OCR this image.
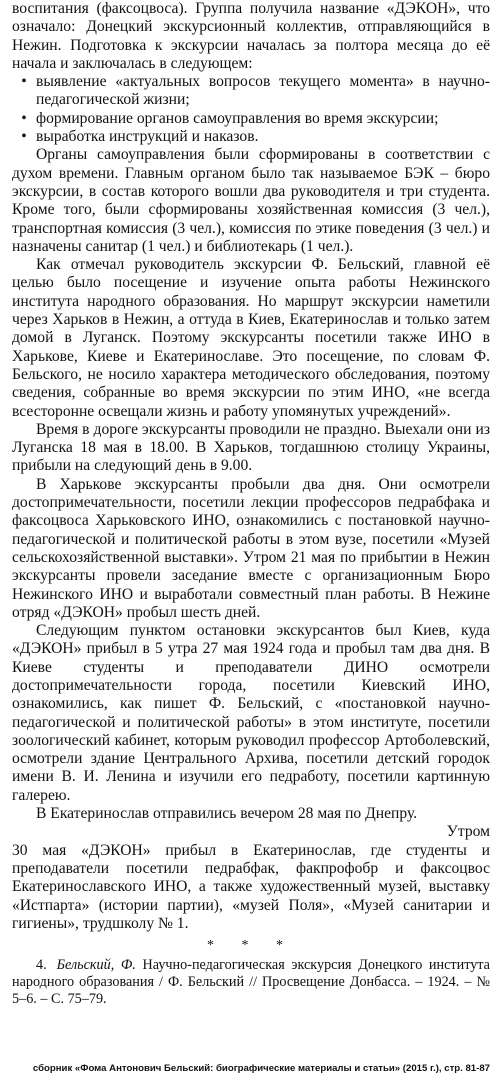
воспитания (факсоцвоса). Группа получила название «ДЭКОН», что означало: Донецкий экскурсионный коллектив, отправляющийся в Нежин. Подготовка к экскурсии началась за полтора месяца до её начала и заключалась в следующем:

• выявление «актуальных вопросов текущего момента» в научно-педагогической жизни;
• формирование органов самоуправления во время экскурсии;
• выработка инструкций и наказов.

Органы самоуправления были сформированы в соответствии с духом времени. Главным органом было так называемое БЭК – бюро экскурсии, в состав которого вошли два руководителя и три студента. Кроме того, были сформированы хозяйственная комиссия (3 чел.), транспортная комиссия (3 чел.), комиссия по этике поведения (3 чел.) и назначены санитар (1 чел.) и библиотекарь (1 чел.).

Как отмечал руководитель экскурсии Ф. Бельский, главной её целью было посещение и изучение опыта работы Нежинского института народного образования. Но маршрут экскурсии наметили через Харьков в Нежин, а оттуда в Киев, Екатеринослав и только затем домой в Луганск. Поэтому экскурсанты посетили также ИНО в Харькове, Киеве и Екатеринославе. Это посещение, по словам Ф. Бельского, не носило характера методического обследования, поэтому сведения, собранные во время экскурсии по этим ИНО, «не всегда всесторонне освещали жизнь и работу упомянутых учреждений».

Время в дороге экскурсанты проводили не праздно. Выехали они из Луганска 18 мая в 18.00. В Харьков, тогдашнюю столицу Украины, прибыли на следующий день в 9.00.

В Харькове экскурсанты пробыли два дня. Они осмотрели достопримечательности, посетили лекции профессоров педрабфака и факсоцвоса Харьковского ИНО, ознакомились с постановкой научно-педагогической и политической работы в этом вузе, посетили «Музей сельскохозяйственной выставки». Утром 21 мая по прибытии в Нежин экскурсанты провели заседание вместе с организационным Бюро Нежинского ИНО и выработали совместный план работы. В Нежине отряд «ДЭКОН» пробыл шесть дней.

Следующим пунктом остановки экскурсантов был Киев, куда «ДЭКОН» прибыл в 5 утра 27 мая 1924 года и пробыл там два дня. В Киеве студенты и преподаватели ДИНО осмотрели достопримечательности города, посетили Киевский ИНО, ознакомились, как пишет Ф. Бельский, с «постановкой научно-педагогической и политической работы» в этом институте, посетили зоологический кабинет, которым руководил профессор Артоболевский, осмотрели здание Центрального Архива, посетили детский городок имени В. И. Ленина и изучили его педработу, посетили картинную галерею.

В Екатеринослав отправились вечером 28 мая по Днепру.

Утром

30 мая «ДЭКОН» прибыл в Екатеринослав, где студенты и преподаватели посетили педрабфак, факпрофобр и факсоцвос Екатеринославского ИНО, а также художественный музей, выставку «Истпарта» (истории партии), «музей Поля», «Музей санитарии и гигиены», трудшколу № 1.

* * *

4. Бельский, Ф. Научно-педагогическая экскурсия Донецкого института народного образования / Ф. Бельский // Просвещение Донбасса. – 1924. – № 5–6. – С. 75–79.

сборник «Фома Антонович Бельский: биографические материалы и статьи» (2015 г.), стр. 81-87
